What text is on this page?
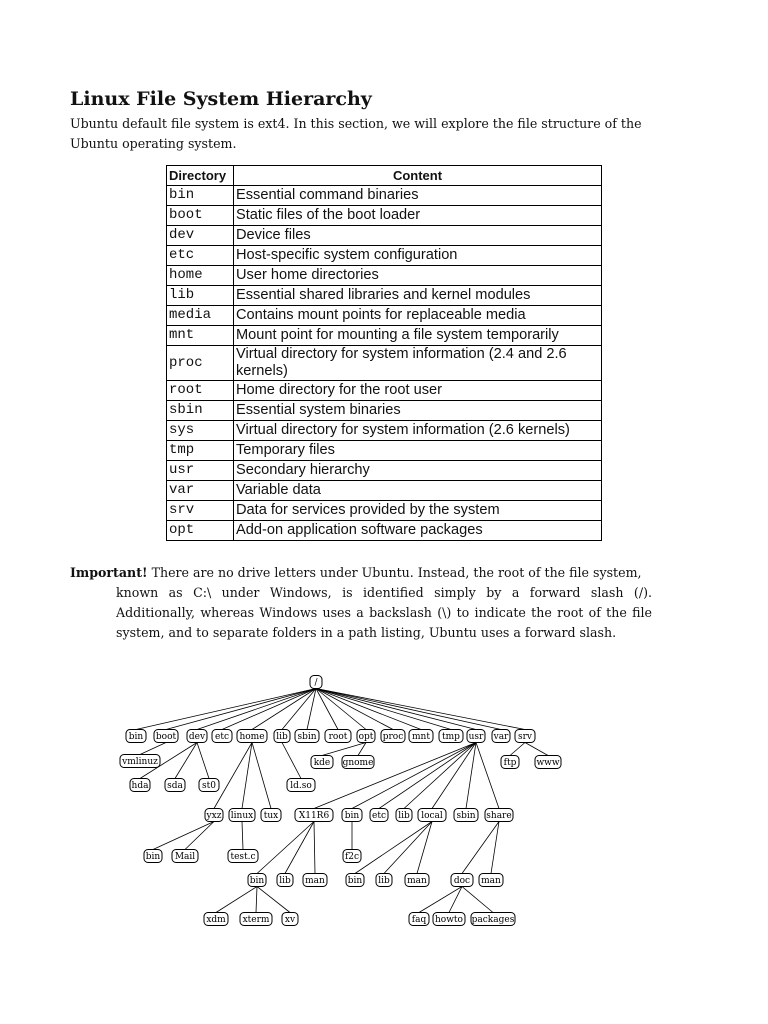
Linux File System Hierarchy

Ubuntu default file system is ext4. In this section, we will explore the file structure of the Ubuntu operating system.

Directory	Content
bin	Essential command binaries
boot	Static files of the boot loader
dev	Device files
etc	Host-specific system configuration
home	User home directories
lib	Essential shared libraries and kernel modules
media	Contains mount points for replaceable media
mnt	Mount point for mounting a file system temporarily
proc	Virtual directory for system information (2.4 and 2.6 kernels)
root	Home directory for the root user
sbin	Essential system binaries
sys	Virtual directory for system information (2.6 kernels)
tmp	Temporary files
usr	Secondary hierarchy
var	Variable data
srv	Data for services provided by the system
opt	Add-on application software packages

Important! There are no drive letters under Ubuntu. Instead, the root of the file system,
known as C:\ under Windows, is identified simply by a forward slash (/). Additionally, whereas Windows uses a backslash (\) to indicate the root of the file system, and to separate folders in a path listing, Ubuntu uses a forward slash.

/
bin boot dev etc home lib sbin root opt proc mnt tmp usr var srv
vmlinuz
hda sda st0
yxz linux tux
bin Mail	test.c
ld.so
kde gnome
X11R6 bin etc lib local sbin share
f2c
ftp www
bin lib man	bin lib man	doc man
xdm xterm xv	faq howto packages
